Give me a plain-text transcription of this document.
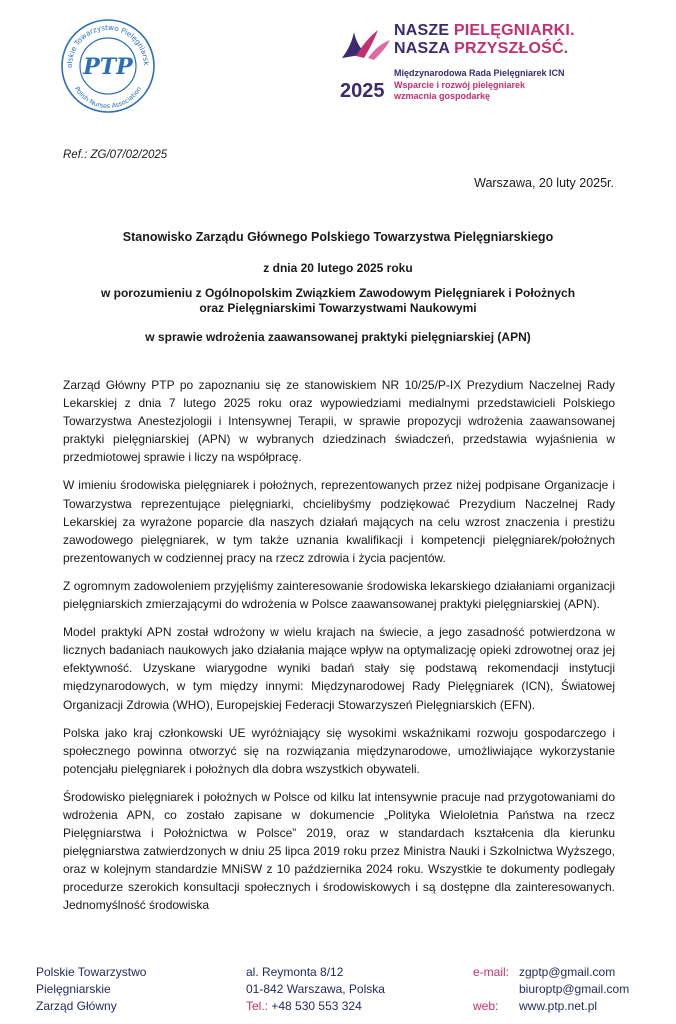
olskie Towarzystwo Pielęgniarsk
Polish Nurses Association
PTP
NASZE PIELĘGNIARKI.
NASZA PRZYSZŁOŚĆ.
Międzynarodowa Rada Pielęgniarek ICN
Wsparcie i rozwój pielęgniarek
wzmacnia gospodarkę
2025
Ref.: ZG/07/02/2025
Warszawa, 20 luty 2025r.
Stanowisko Zarządu Głównego Polskiego Towarzystwa Pielęgniarskiego
z dnia 20 lutego 2025 roku
w porozumieniu z Ogólnopolskim Związkiem Zawodowym Pielęgniarek i Położnych
oraz Pielęgniarskimi Towarzystwami Naukowymi
w sprawie wdrożenia zaawansowanej praktyki pielęgniarskiej (APN)

Zarząd Główny PTP po zapoznaniu się ze stanowiskiem NR 10/25/P-IX Prezydium Naczelnej Rady Lekarskiej z dnia 7 lutego 2025 roku oraz wypowiedziami medialnymi przedstawicieli Polskiego Towarzystwa Anestezjologii i Intensywnej Terapii, w sprawie propozycji wdrożenia zaawansowanej praktyki pielęgniarskiej (APN) w wybranych dziedzinach świadczeń, przedstawia wyjaśnienia w przedmiotowej sprawie i liczy na współpracę.

W imieniu środowiska pielęgniarek i położnych, reprezentowanych przez niżej podpisane Organizacje i Towarzystwa reprezentujące pielęgniarki, chcielibyśmy podziękować Prezydium Naczelnej Rady Lekarskiej za wyrażone poparcie dla naszych działań mających na celu wzrost znaczenia i prestiżu zawodowego pielęgniarek, w tym także uznania kwalifikacji i kompetencji pielęgniarek/położnych prezentowanych w codziennej pracy na rzecz zdrowia i życia pacjentów.

Z ogromnym zadowoleniem przyjęliśmy zainteresowanie środowiska lekarskiego działaniami organizacji pielęgniarskich zmierzającymi do wdrożenia w Polsce zaawansowanej praktyki pielęgniarskiej (APN).

Model praktyki APN został wdrożony w wielu krajach na świecie, a jego zasadność potwierdzona w licznych badaniach naukowych jako działania mające wpływ na optymalizację opieki zdrowotnej oraz jej efektywność. Uzyskane wiarygodne wyniki badań stały się podstawą rekomendacji instytucji międzynarodowych, w tym między innymi: Międzynarodowej Rady Pielęgniarek (ICN), Światowej Organizacji Zdrowia (WHO), Europejskiej Federacji Stowarzyszeń Pielęgniarskich (EFN).

Polska jako kraj członkowski UE wyróżniający się wysokimi wskaźnikami rozwoju gospodarczego i społecznego powinna otworzyć się na rozwiązania międzynarodowe, umożliwiające wykorzystanie potencjału pielęgniarek i położnych dla dobra wszystkich obywateli.

Środowisko pielęgniarek i położnych w Polsce od kilku lat intensywnie pracuje nad przygotowaniami do wdrożenia APN, co zostało zapisane w dokumencie „Polityka Wieloletnia Państwa na rzecz Pielęgniarstwa i Położnictwa w Polsce” 2019, oraz w standardach kształcenia dla kierunku pielęgniarstwa zatwierdzonych w dniu 25 lipca 2019 roku przez Ministra Nauki i Szkolnictwa Wyższego, oraz w kolejnym standardzie MNiSW z 10 października 2024 roku. Wszystkie te dokumenty podlegały procedurze szerokich konsultacji społecznych i środowiskowych i są dostępne dla zainteresowanych. Jednomyślność środowiska

Polskie Towarzystwo
Pielęgniarskie
Zarząd Główny
al. Reymonta 8/12
01-842 Warszawa, Polska
Tel.: +48 530 553 324
e-mail: zgptp@gmail.com
biuroptp@gmail.com
web: www.ptp.net.pl
